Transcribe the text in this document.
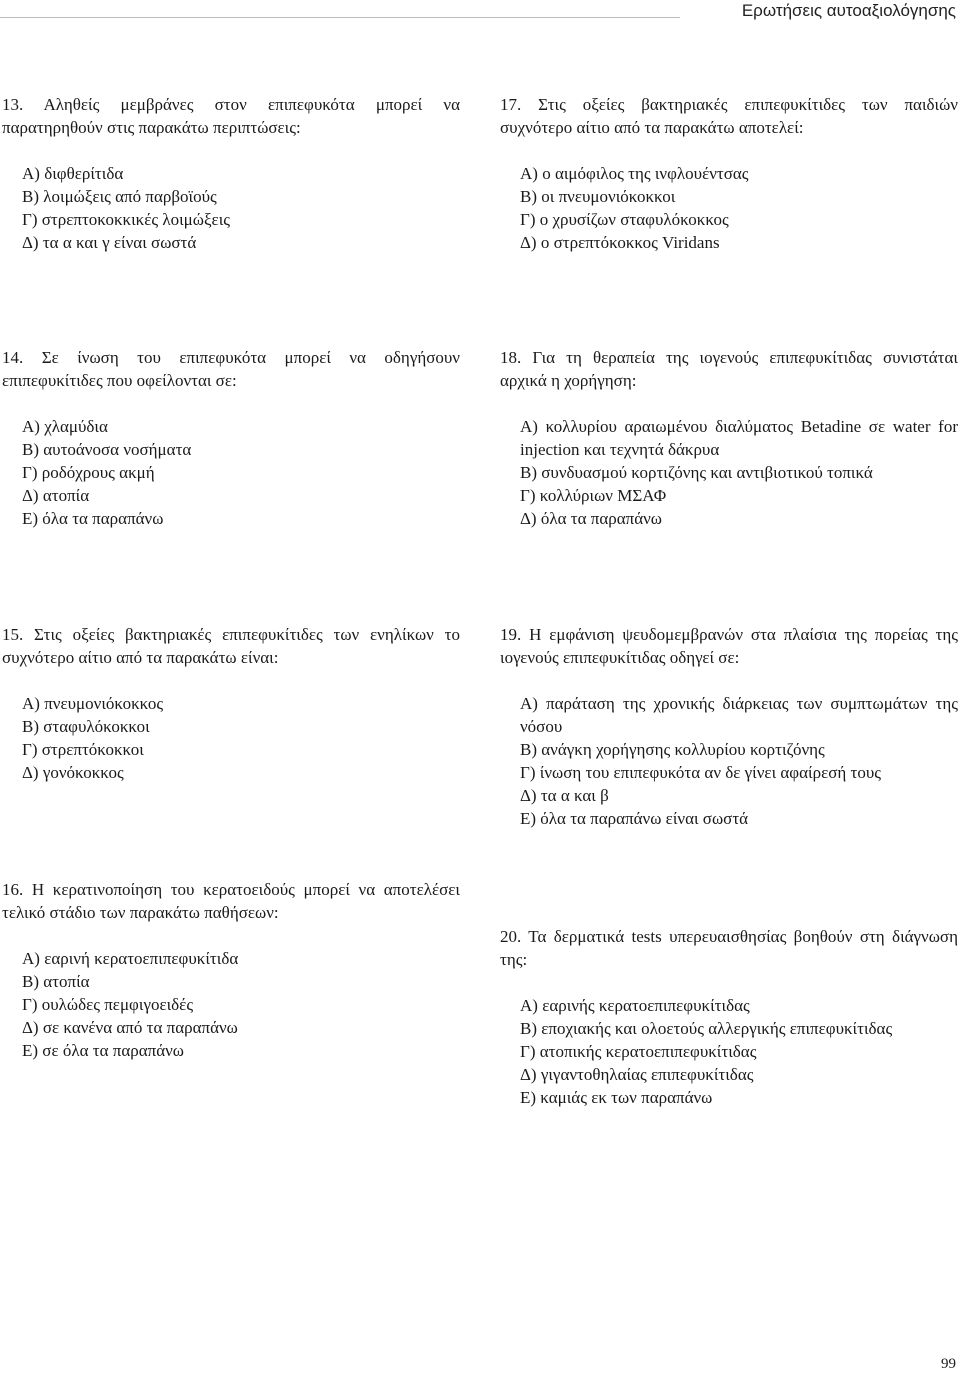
Ερωτήσεις αυτοαξιολόγησης
13. Αληθείς μεμβράνες στον επιπεφυκότα μπορεί να παρατηρηθούν στις παρακάτω περιπτώσεις:
Α) διφθερίτιδα
Β) λοιμώξεις από παρβοϊούς
Γ) στρεπτοκοκκικές λοιμώξεις
Δ) τα α και γ είναι σωστά
14. Σε ίνωση του επιπεφυκότα μπορεί να οδηγήσουν επιπεφυκίτιδες που οφείλονται σε:
Α) χλαμύδια
Β) αυτοάνοσα νοσήματα
Γ) ροδόχρους ακμή
Δ) ατοπία
Ε) όλα τα παραπάνω
15. Στις οξείες βακτηριακές επιπεφυκίτιδες των ενηλίκων το συχνότερο αίτιο από τα παρακάτω είναι:
Α) πνευμονιόκοκκος
Β) σταφυλόκοκκοι
Γ) στρεπτόκοκκοι
Δ) γονόκοκκος
16. Η κερατινοποίηση του κερατοειδούς μπορεί να αποτελέσει τελικό στάδιο των παρακάτω παθήσεων:
Α) εαρινή κερατοεπιπεφυκίτιδα
Β) ατοπία
Γ) ουλώδες πεμφιγοειδές
Δ) σε κανένα από τα παραπάνω
Ε) σε όλα τα παραπάνω
17. Στις οξείες βακτηριακές επιπεφυκίτιδες των παιδιών συχνότερο αίτιο από τα παρακάτω αποτελεί:
Α) ο αιμόφιλος της ινφλουέντσας
Β) οι πνευμονιόκοκκοι
Γ) ο χρυσίζων σταφυλόκοκκος
Δ) ο στρεπτόκοκκος Viridans
18. Για τη θεραπεία της ιογενούς επιπεφυκίτιδας συνιστάται αρχικά η χορήγηση:
Α) κολλυρίου αραιωμένου διαλύματος Betadine σε water for injection και τεχνητά δάκρυα
Β) συνδυασμού κορτιζόνης και αντιβιοτικού τοπικά
Γ) κολλύριων ΜΣΑΦ
Δ) όλα τα παραπάνω
19. Η εμφάνιση ψευδομεμβρανών στα πλαίσια της πορείας της ιογενούς επιπεφυκίτιδας οδηγεί σε:
Α) παράταση της χρονικής διάρκειας των συμπτωμάτων της νόσου
Β) ανάγκη χορήγησης κολλυρίου κορτιζόνης
Γ) ίνωση του επιπεφυκότα αν δε γίνει αφαίρεσή τους
Δ) τα α και β
Ε) όλα τα παραπάνω είναι σωστά
20. Τα δερματικά tests υπερευαισθησίας βοηθούν στη διάγνωση της:
Α) εαρινής κερατοεπιπεφυκίτιδας
Β) εποχιακής και ολοετούς αλλεργικής επιπεφυκίτιδας
Γ) ατοπικής κερατοεπιπεφυκίτιδας
Δ) γιγαντοθηλαίας επιπεφυκίτιδας
Ε) καμιάς εκ των παραπάνω
99
